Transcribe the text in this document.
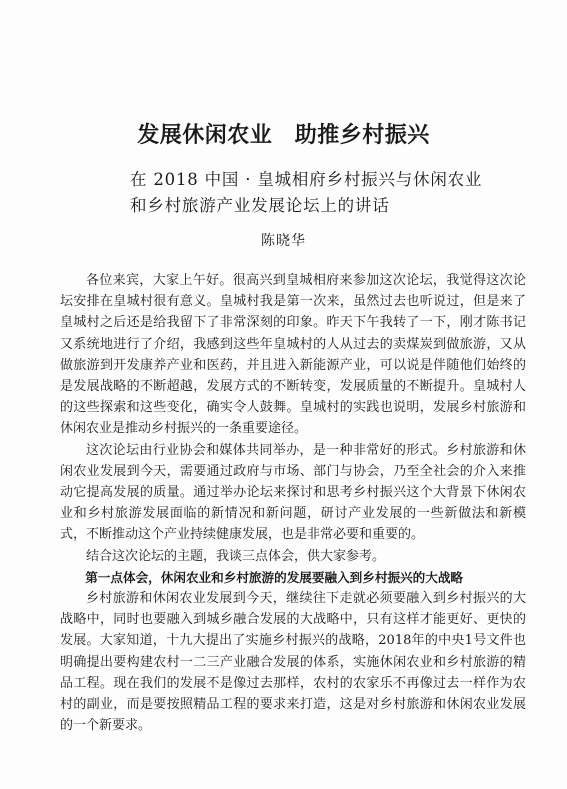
发展休闲农业　助推乡村振兴
在 2018 中国 · 皇城相府乡村振兴与休闲农业
和乡村旅游产业发展论坛上的讲话
陈晓华

各位来宾，大家上午好。很高兴到皇城相府来参加这次论坛，我觉得这次论坛安排在皇城村很有意义。皇城村我是第一次来，虽然过去也听说过，但是来了皇城村之后还是给我留下了非常深刻的印象。昨天下午我转了一下，刚才陈书记又系统地进行了介绍，我感到这些年皇城村的人从过去的卖煤炭到做旅游，又从做旅游到开发康养产业和医药，并且进入新能源产业，可以说是伴随他们始终的是发展战略的不断超越，发展方式的不断转变，发展质量的不断提升。皇城村人的这些探索和这些变化，确实令人鼓舞。皇城村的实践也说明，发展乡村旅游和休闲农业是推动乡村振兴的一条重要途径。

这次论坛由行业协会和媒体共同举办，是一种非常好的形式。乡村旅游和休闲农业发展到今天，需要通过政府与市场、部门与协会，乃至全社会的介入来推动它提高发展的质量。通过举办论坛来探讨和思考乡村振兴这个大背景下休闲农业和乡村旅游发展面临的新情况和新问题，研讨产业发展的一些新做法和新模式，不断推动这个产业持续健康发展，也是非常必要和重要的。

结合这次论坛的主题，我谈三点体会，供大家参考。

第一点体会，休闲农业和乡村旅游的发展要融入到乡村振兴的大战略

乡村旅游和休闲农业发展到今天，继续往下走就必须要融入到乡村振兴的大战略中，同时也要融入到城乡融合发展的大战略中，只有这样才能更好、更快的发展。大家知道，十九大提出了实施乡村振兴的战略，2018年的中央1号文件也明确提出要构建农村一二三产业融合发展的体系，实施休闲农业和乡村旅游的精品工程。现在我们的发展不是像过去那样，农村的农家乐不再像过去一样作为农村的副业，而是要按照精品工程的要求来打造，这是对乡村旅游和休闲农业发展的一个新要求。
